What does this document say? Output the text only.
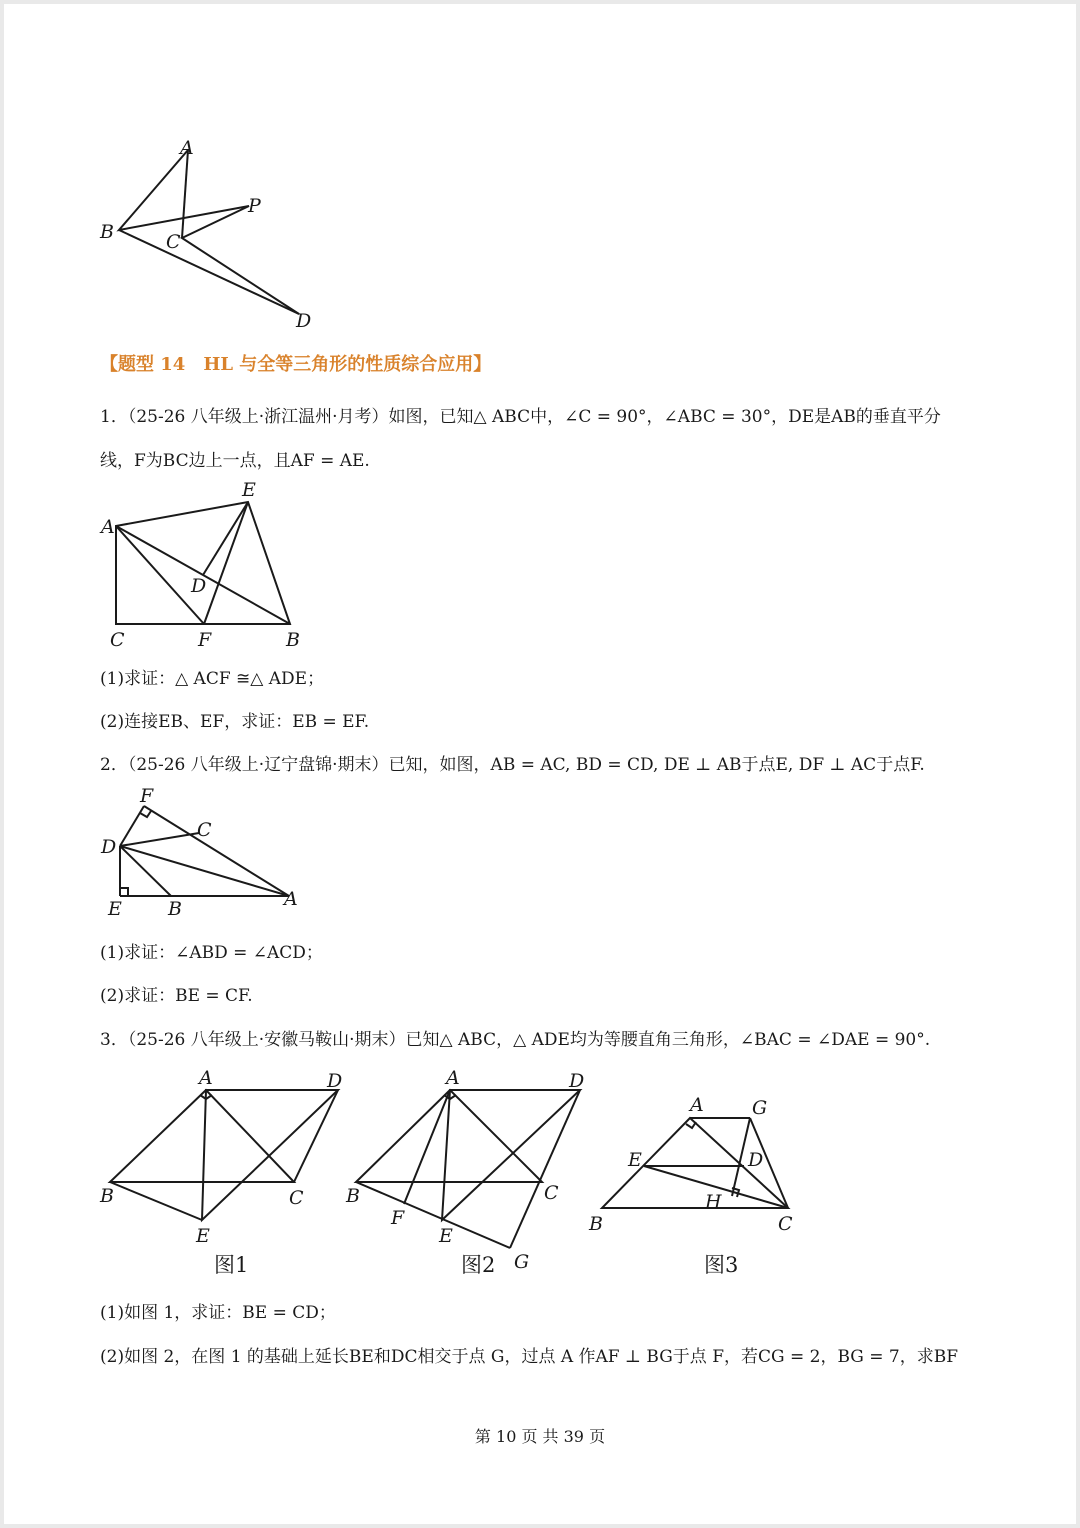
A
B	C
P
D
【题型 14　HL 与全等三角形的性质综合应用】
1．（25-26 八年级上·浙江温州·月考）如图，已知△ ABC中，∠C = 90°，∠ABC = 30°，DE是AB的垂直平分
线，F为BC边上一点，且AF = AE.
A
E
D
C	F	B
(1)求证：△ ACF ≅△ ADE；
(2)连接EB、EF，求证：EB = EF.
2．（25-26 八年级上·辽宁盘锦·期末）已知，如图，AB = AC, BD = CD, DE ⊥ AB于点E, DF ⊥ AC于点F.
F
C
D
E B	A
(1)求证：∠ABD = ∠ACD；
(2)求证：BE = CF.
3．（25-26 八年级上·安徽马鞍山·期末）已知△ ABC，△ ADE均为等腰直角三角形，∠BAC = ∠DAE = 90°.
A	D
B	C
E
图1
A	D
B	C
F
E
G
图2
A	G
E	D
H
B	C
图3
(1)如图 1，求证：BE = CD；
(2)如图 2，在图 1 的基础上延长BE和DC相交于点 G，过点 A 作AF ⊥ BG于点 F，若CG = 2，BG = 7，求BF
第 10 页 共 39 页
